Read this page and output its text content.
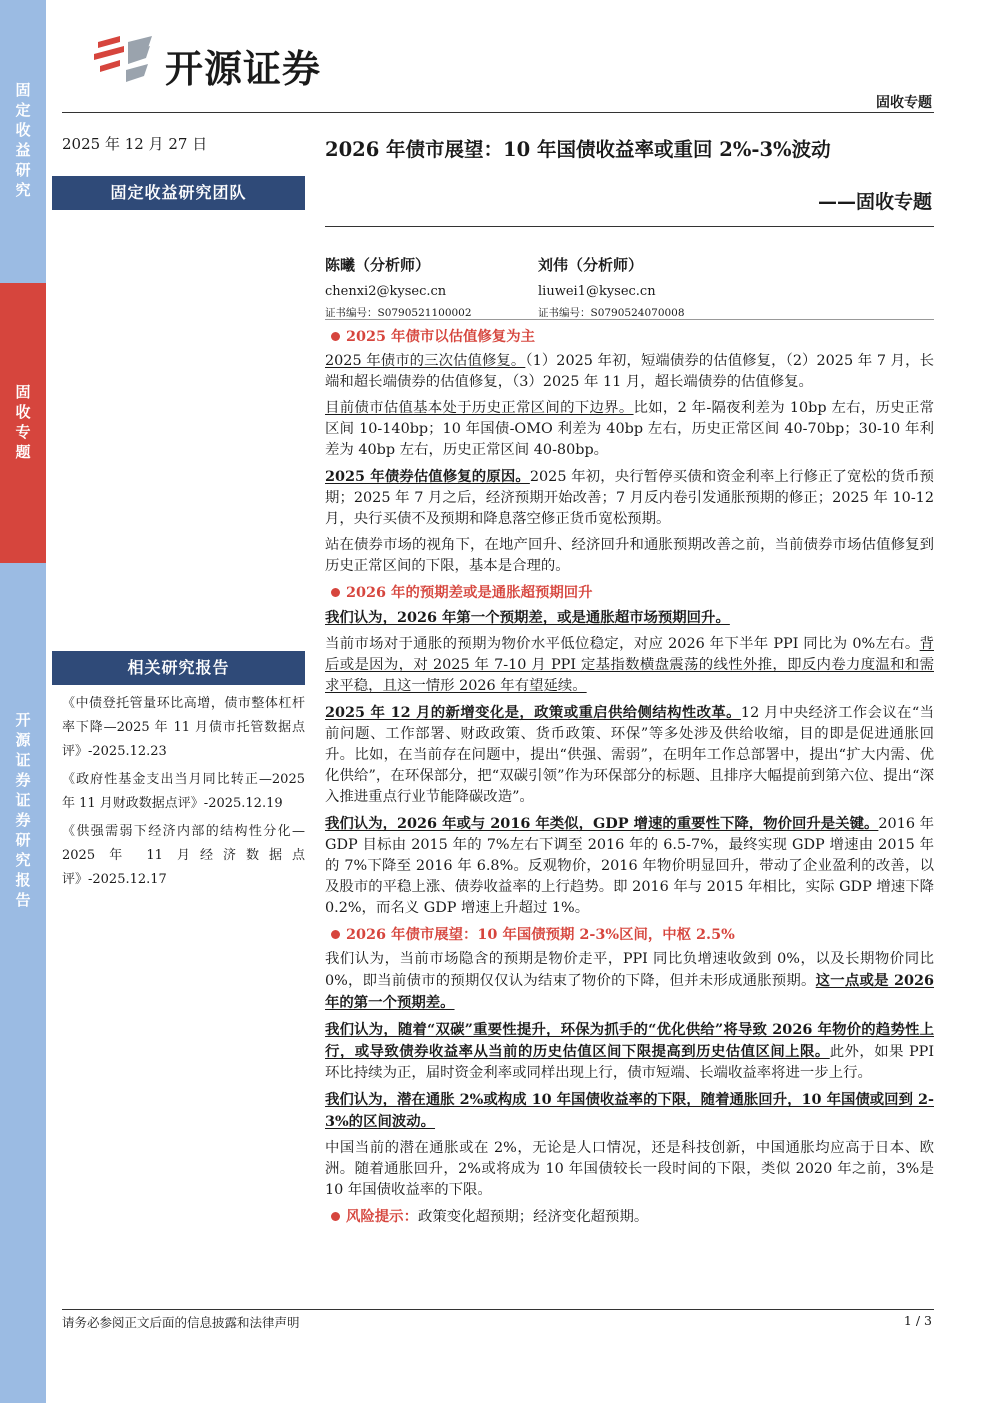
固定收益研究
固收专题
开源证券 证券研究报告
开源证券
固收专题
2025 年 12 月 27 日
固定收益研究团队
相关研究报告

《中债登托管量环比高增，债市整体杠杆率下降—2025 年 11 月债市托管数据点评》-2025.12.23

《政府性基金支出当月同比转正—2025 年 11 月财政数据点评》-2025.12.19

《供强需弱下经济内部的结构性分化—2025 年 11 月经济数据点评》-2025.12.17

2026 年债市展望：10 年国债收益率或重回 2%-3%波动
——固收专题
陈曦（分析师）
chenxi2@kysec.cn
证书编号：S0790521100002
刘伟（分析师）
liuwei1@kysec.cn
证书编号：S0790524070008

2025 年债市以估值修复为主

2025 年债市的三次估值修复。（1）2025 年初，短端债券的估值修复，（2）2025 年 7 月，长端和超长端债券的估值修复，（3）2025 年 11 月，超长端债券的估值修复。

目前债市估值基本处于历史正常区间的下边界。比如，2 年-隔夜利差为 10bp 左右，历史正常区间 10-140bp；10 年国债-OMO 利差为 40bp 左右，历史正常区间 40-70bp；30-10 年利差为 40bp 左右，历史正常区间 40-80bp。

2025 年债券估值修复的原因。2025 年初，央行暂停买债和资金利率上行修正了宽松的货币预期；2025 年 7 月之后，经济预期开始改善；7 月反内卷引发通胀预期的修正；2025 年 10-12 月，央行买债不及预期和降息落空修正货币宽松预期。

站在债券市场的视角下，在地产回升、经济回升和通胀预期改善之前，当前债券市场估值修复到历史正常区间的下限，基本是合理的。

2026 年的预期差或是通胀超预期回升

我们认为，2026 年第一个预期差，或是通胀超市场预期回升。

当前市场对于通胀的预期为物价水平低位稳定，对应 2026 年下半年 PPI 同比为 0%左右。背后或是因为，对 2025 年 7-10 月 PPI 定基指数横盘震荡的线性外推，即反内卷力度温和和需求平稳，且这一情形 2026 年有望延续。

2025 年 12 月的新增变化是，政策或重启供给侧结构性改革。12 月中央经济工作会议在“当前问题、工作部署、财政政策、货币政策、环保”等多处涉及供给收缩，目的即是促进通胀回升。比如，在当前存在问题中，提出“供强、需弱”，在明年工作总部署中，提出“扩大内需、优化供给”，在环保部分，把“双碳引领”作为环保部分的标题、且排序大幅提前到第六位、提出“深入推进重点行业节能降碳改造”。

我们认为，2026 年或与 2016 年类似，GDP 增速的重要性下降，物价回升是关键。2016 年 GDP 目标由 2015 年的 7%左右下调至 2016 年的 6.5-7%，最终实现 GDP 增速由 2015 年的 7%下降至 2016 年 6.8%。反观物价，2016 年物价明显回升，带动了企业盈利的改善，以及股市的平稳上涨、债券收益率的上行趋势。即 2016 年与 2015 年相比，实际 GDP 增速下降 0.2%，而名义 GDP 增速上升超过 1%。

2026 年债市展望：10 年国债预期 2-3%区间，中枢 2.5%

我们认为，当前市场隐含的预期是物价走平，PPI 同比负增速收敛到 0%，以及长期物价同比 0%，即当前债市的预期仅仅认为结束了物价的下降，但并未形成通胀预期。这一点或是 2026 年的第一个预期差。

我们认为，随着“双碳”重要性提升，环保为抓手的“优化供给”将导致 2026 年物价的趋势性上行，或导致债券收益率从当前的历史估值区间下限提高到历史估值区间上限。此外，如果 PPI 环比持续为正，届时资金利率或同样出现上行，债市短端、长端收益率将进一步上行。

我们认为，潜在通胀 2%或构成 10 年国债收益率的下限，随着通胀回升，10 年国债或回到 2-3%的区间波动。

中国当前的潜在通胀或在 2%，无论是人口情况，还是科技创新，中国通胀均应高于日本、欧洲。随着通胀回升，2%或将成为 10 年国债较长一段时间的下限，类似 2020 年之前，3%是 10 年国债收益率的下限。

风险提示：政策变化超预期；经济变化超预期。

请务必参阅正文后面的信息披露和法律声明	1 / 3
